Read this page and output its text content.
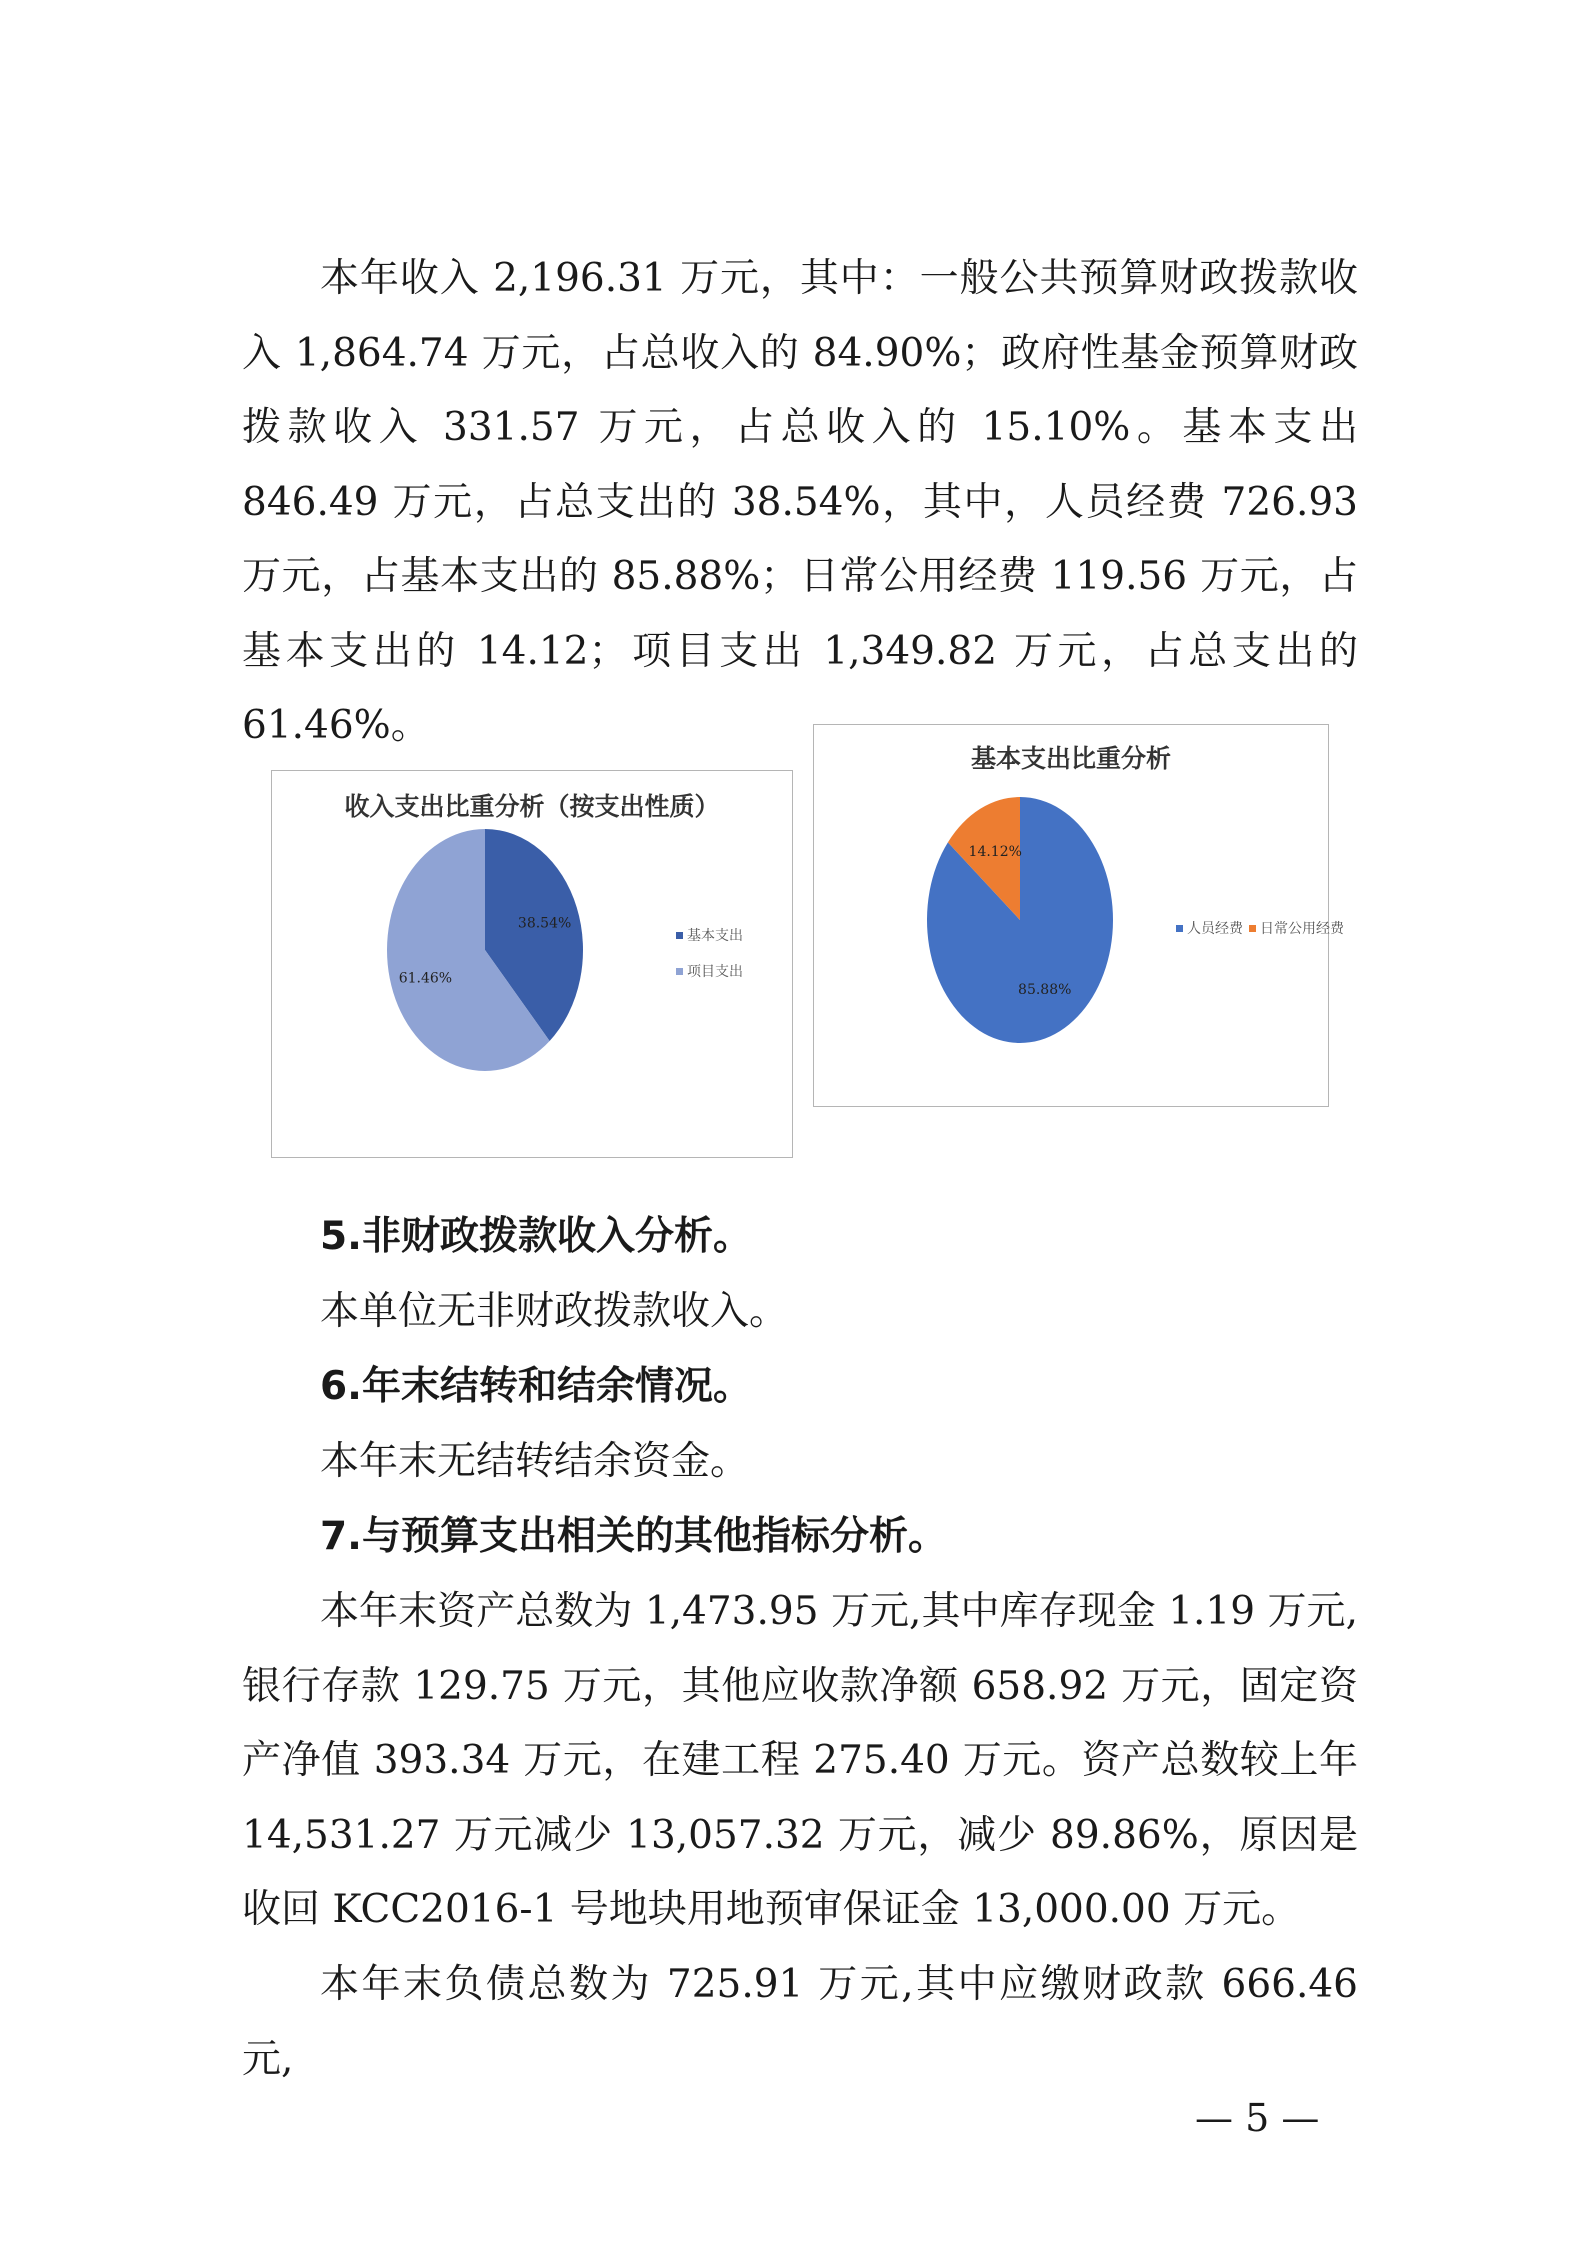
本年收入 2,196.31 万元，其中：一般公共预算财政拨款收入 1,864.74 万元，占总收入的 84.90%；政府性基金预算财政拨款收入 331.57 万元，占总收入的 15.10%。基本支出 846.49 万元，占总支出的 38.54%，其中，人员经费 726.93 万元，占基本支出的 85.88%；日常公用经费 119.56 万元，占基本支出的 14.12；项目支出 1,349.82 万元，占总支出的 61.46%。

收入支出比重分析（按支出性质）
38.54%
61.46%
基本支出
项目支出
基本支出比重分析
85.88%
14.12%
人员经费 日常公用经费

5.非财政拨款收入分析。

本单位无非财政拨款收入。

6.年末结转和结余情况。

本年末无结转结余资金。

7.与预算支出相关的其他指标分析。

本年末资产总数为 1,473.95 万元,其中库存现金 1.19 万元,银行存款 129.75 万元，其他应收款净额 658.92 万元，固定资产净值 393.34 万元，在建工程 275.40 万元。资产总数较上年 14,531.27 万元减少 13,057.32 万元，减少 89.86%，原因是收回 KCC2016-1 号地块用地预审保证金 13,000.00 万元。

本年末负债总数为 725.91 万元,其中应缴财政款 666.46 元,

— 5 —
